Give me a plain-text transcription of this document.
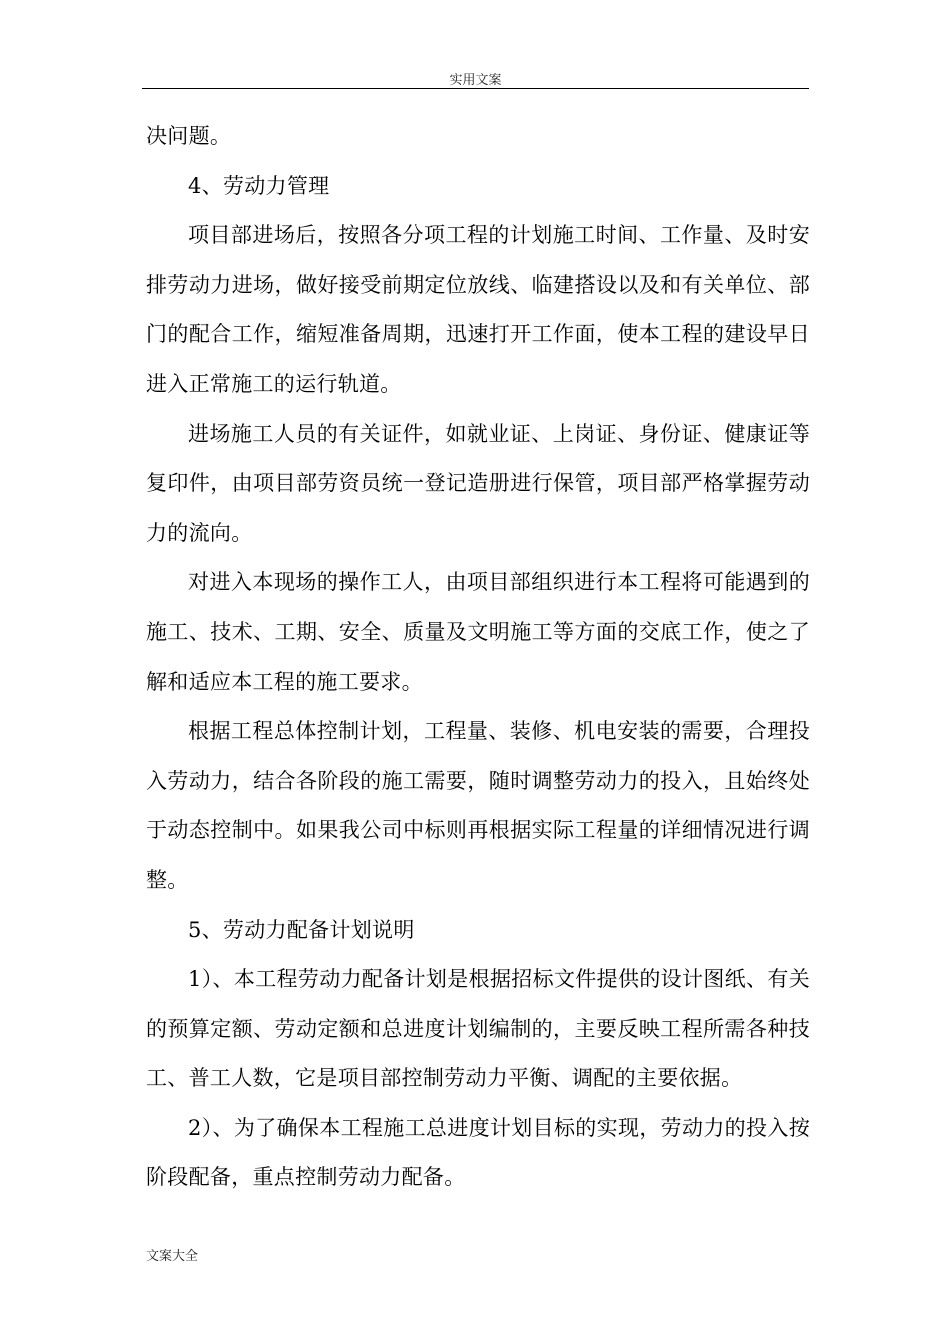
实用文案

决问题。

4、劳动力管理

项目部进场后，按照各分项工程的计划施工时间、工作量、及时安排劳动力进场，做好接受前期定位放线、临建搭设以及和有关单位、部门的配合工作，缩短准备周期，迅速打开工作面，使本工程的建设早日进入正常施工的运行轨道。

进场施工人员的有关证件，如就业证、上岗证、身份证、健康证等复印件，由项目部劳资员统一登记造册进行保管，项目部严格掌握劳动力的流向。

对进入本现场的操作工人，由项目部组织进行本工程将可能遇到的施工、技术、工期、安全、质量及文明施工等方面的交底工作，使之了解和适应本工程的施工要求。

根据工程总体控制计划，工程量、装修、机电安装的需要，合理投入劳动力，结合各阶段的施工需要，随时调整劳动力的投入，且始终处于动态控制中。如果我公司中标则再根据实际工程量的详细情况进行调整。

5、劳动力配备计划说明

1）、本工程劳动力配备计划是根据招标文件提供的设计图纸、有关的预算定额、劳动定额和总进度计划编制的，主要反映工程所需各种技工、普工人数，它是项目部控制劳动力平衡、调配的主要依据。

2）、为了确保本工程施工总进度计划目标的实现，劳动力的投入按阶段配备，重点控制劳动力配备。

文案大全
